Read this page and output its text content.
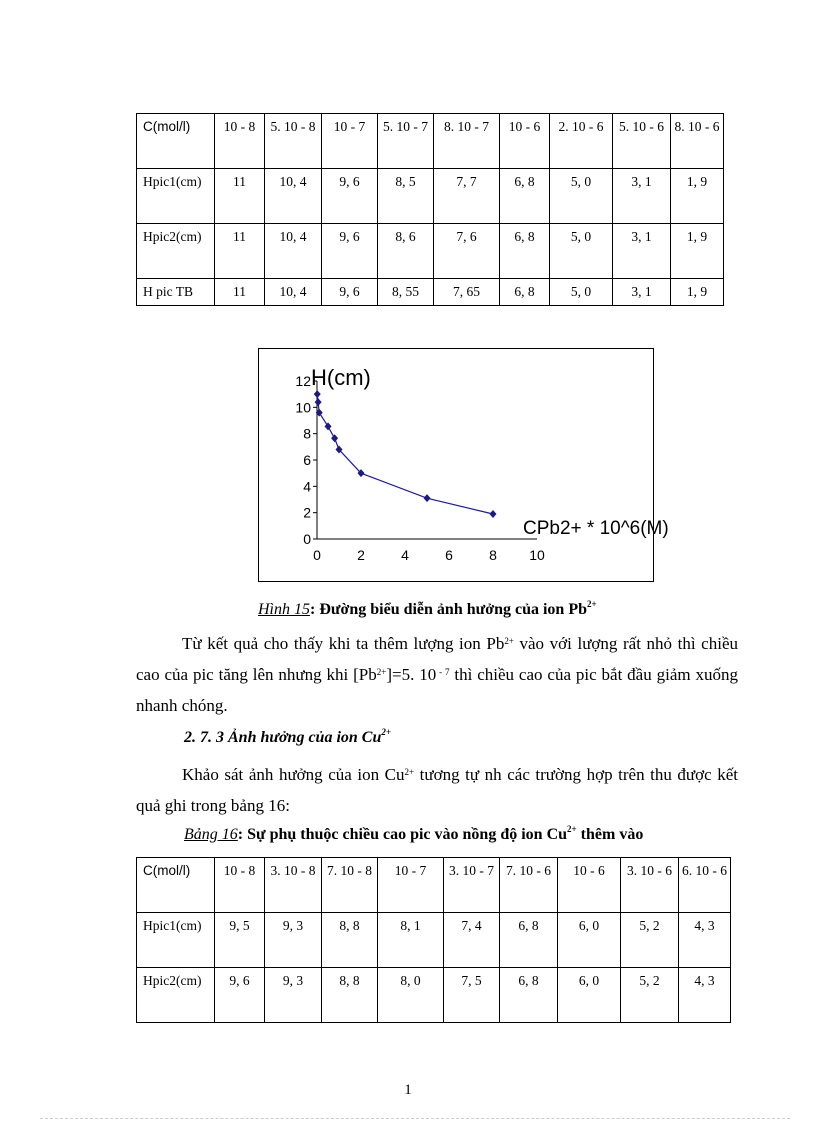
C(mol/l)	10 - 8	5. 10 - 8	10 - 7	5. 10 - 7	8. 10 - 7	10 - 6	2. 10 - 6	5. 10 - 6	8. 10 - 6
Hpic1(cm)	11	10, 4	9, 6	8, 5	7, 7	6, 8	5, 0	3, 1	1, 9
Hpic2(cm)	11	10, 4	9, 6	8, 6	7, 6	6, 8	5, 0	3, 1	1, 9
H pic TB	11	10, 4	9, 6	8, 55	7, 65	6, 8	5, 0	3, 1	1, 9
0	2	4	6	8 10
0
2
4
6
8
10
12 H(cm)
CPb2+ * 10^6(M)
Hình 15: Đường biểu diễn ảnh hưởng của ion $Pb^{2+}$

Từ kết quả cho thấy khi ta thêm lượng ion $Pb^{2+}$ vào với lượng rất nhỏ thì chiều cao của pic tăng lên nhưng khi $[Pb^{2+}]=5$. 10 $^{- 7}$ thì chiều cao của pic bắt đầu giảm xuống nhanh chóng.

2. 7. 3 Ảnh hưởng của ion $Cu^{2+}$

Khảo sát ảnh hưởng của ion $Cu^{2+}$ tương tự nh các trường hợp trên thu được kết quả ghi trong bảng 16:

Bảng 16: Sự phụ thuộc chiều cao pic vào nồng độ ion $Cu^{2+}$ thêm vào
C(mol/l)	10 - 8	3. 10 - 8	7. 10 - 8	10 - 7	3. 10 - 7	7. 10 - 6	10 - 6	3. 10 - 6	6. 10 - 6
Hpic1(cm)	9, 5	9, 3	8, 8	8, 1	7, 4	6, 8	6, 0	5, 2	4, 3
Hpic2(cm)	9, 6	9, 3	8, 8	8, 0	7, 5	6, 8	6, 0	5, 2	4, 3
1
